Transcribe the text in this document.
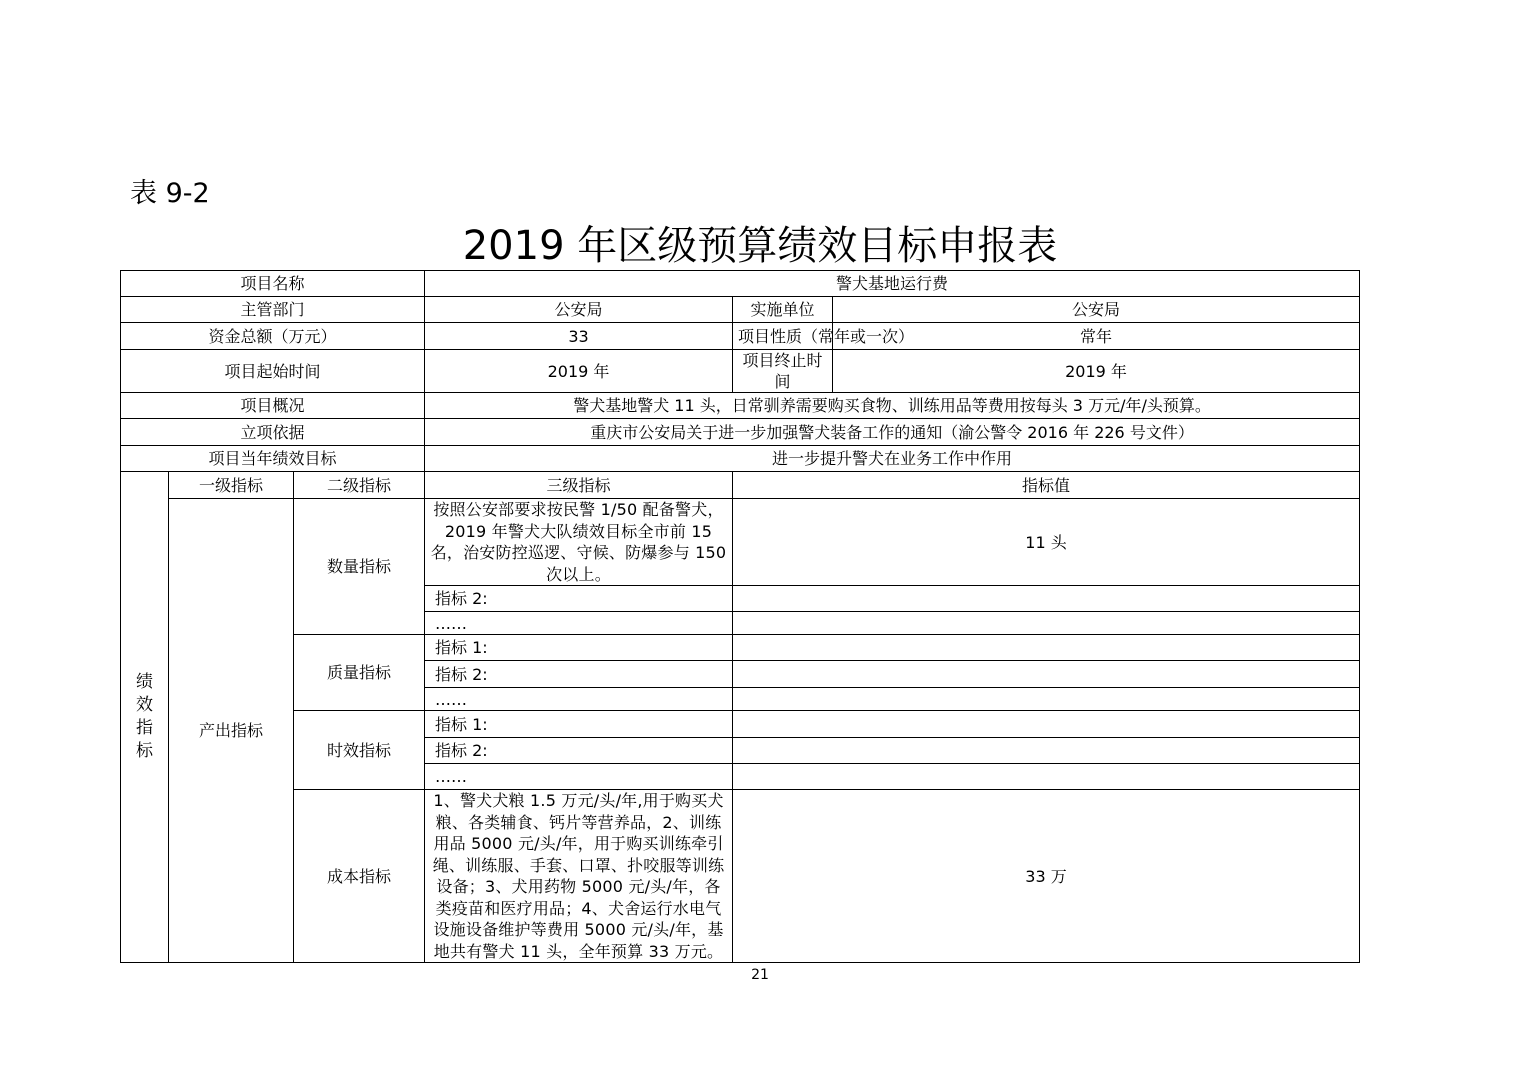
表 9-2
2019 年区级预算绩效目标申报表
项目名称			警犬基地运行费		
主管部门			公安局	实施单位	公安局
资金总额（万元）			33	项目性质（常年或一次）	常年
项目起始时间			2019 年	项目终止时间	2019 年
项目概况			警犬基地警犬 11 头，日常驯养需要购买食物、训练用品等费用按每头 3 万元/年/头预算。		
立项依据			重庆市公安局关于进一步加强警犬装备工作的通知（渝公警令 2016 年 226 号文件）		
项目当年绩效目标			进一步提升警犬在业务工作中作用		

绩
效
指
标	一级指标	二级指标	三级指标	指标值	
	产出指标	数量指标	按照公安部要求按民警 1/50 配备警犬，2019 年警犬大队绩效目标全市前 15 名，治安防控巡逻、守候、防爆参与 150 次以上。	11 头	
			指标 2:		
			……		
		质量指标	指标 1:		
			指标 2:		
			……		
		时效指标	指标 1:		
			指标 2:		
			……		
		成本指标	1、警犬犬粮 1.5 万元/头/年,用于购买犬粮、各类辅食、钙片等营养品，2、训练用品 5000 元/头/年，用于购买训练牵引绳、训练服、手套、口罩、扑咬服等训练设备；3、犬用药物 5000 元/头/年，各类疫苗和医疗用品；4、犬舍运行水电气设施设备维护等费用 5000 元/头/年，基地共有警犬 11 头，全年预算 33 万元。	33 万	
21
